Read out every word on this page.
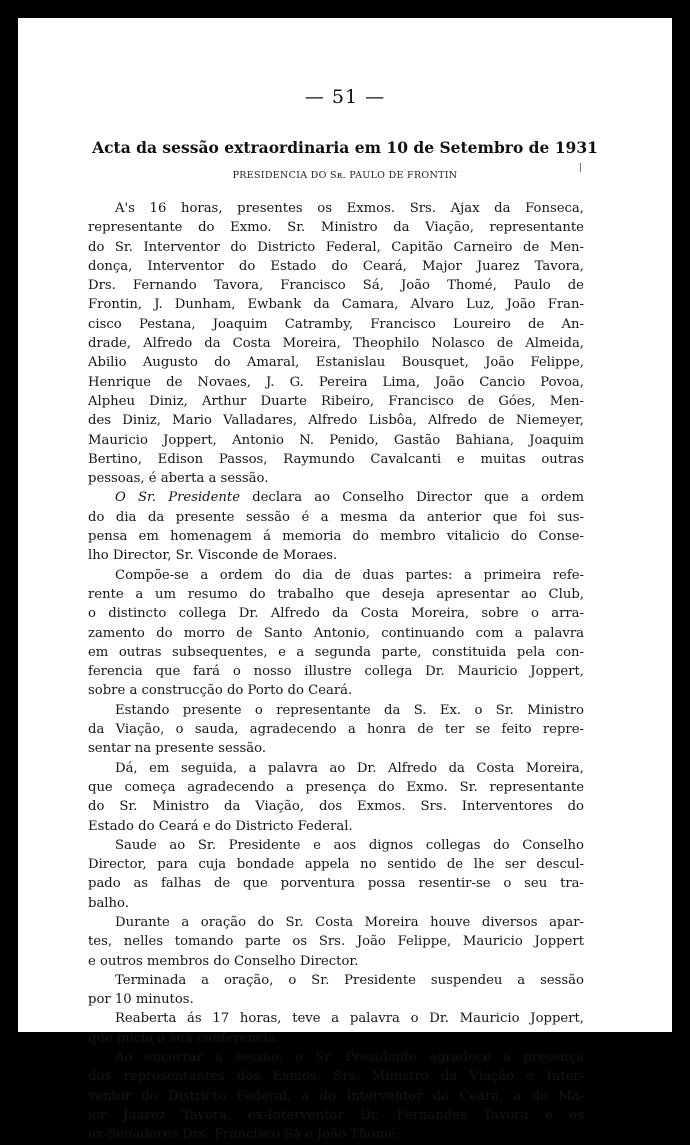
— 51 —
Acta da sessão extraordinaria em 10 de Setembro de 1931
PRESIDENCIA DO Sʀ. PAULO DE FRONTIN
A's 16 horas, presentes os Exmos. Srs. Ajax da Fonseca,
representante do Exmo. Sr. Ministro da Viação, representante
do Sr. Interventor do Districto Federal, Capitão Carneiro de Men-
donça, Interventor do Estado do Ceará, Major Juarez Tavora,
Drs. Fernando Tavora, Francisco Sá, João Thomé, Paulo de
Frontin, J. Dunham, Ewbank da Camara, Alvaro Luz, João Fran-
cisco Pestana, Joaquim Catramby, Francisco Loureiro de An-
drade, Alfredo da Costa Moreira, Theophilo Nolasco de Almeida,
Abilio Augusto do Amaral, Estanislau Bousquet, João Felippe,
Henrique de Novaes, J. G. Pereira Lima, João Cancio Povoa,
Alpheu Diniz, Arthur Duarte Ribeiro, Francisco de Góes, Men-
des Diniz, Mario Valladares, Alfredo Lisbôa, Alfredo de Niemeyer,
Mauricio Joppert, Antonio N. Penido, Gastão Bahiana, Joaquim
Bertino, Edison Passos, Raymundo Cavalcanti e muitas outras
pessoas, é aberta a sessão.
O Sr. Presidente declara ao Conselho Director que a ordem
do dia da presente sessão é a mesma da anterior que foi sus-
pensa em homenagem á memoria do membro vitalicio do Conse-
lho Director, Sr. Visconde de Moraes.
Compõe-se a ordem do dia de duas partes: a primeira refe-
rente a um resumo do trabalho que deseja apresentar ao Club,
o distincto collega Dr. Alfredo da Costa Moreira, sobre o arra-
zamento do morro de Santo Antonio, continuando com a palavra
em outras subsequentes, e a segunda parte, constituida pela con-
ferencia que fará o nosso illustre collega Dr. Mauricio Joppert,
sobre a construcção do Porto do Ceará.
Estando presente o representante da S. Ex. o Sr. Ministro
da Viação, o sauda, agradecendo a honra de ter se feito repre-
sentar na presente sessão.
Dá, em seguida, a palavra ao Dr. Alfredo da Costa Moreira,
que começa agradecendo a presença do Exmo. Sr. representante
do Sr. Ministro da Viação, dos Exmos. Srs. Interventores do
Estado do Ceará e do Districto Federal.
Saude ao Sr. Presidente e aos dignos collegas do Conselho
Director, para cuja bondade appela no sentido de lhe ser descul-
pado as falhas de que porventura possa resentir-se o seu tra-
balho.
Durante a oração do Sr. Costa Moreira houve diversos apar-
tes, nelles tomando parte os Srs. João Felippe, Mauricio Joppert
e outros membros do Conselho Director.
Terminada a oração, o Sr. Presidente suspendeu a sessão
por 10 minutos.
Reaberta ás 17 horas, teve a palavra o Dr. Mauricio Joppert,
que inicia a sua conferencia.
Ao encerrar a sessão, o Sr. Presidente agradece a presença
dos representantes dos Exmos. Srs. Ministro da Viação e Inter-
ventor do Districto Federal, a do Interventor do Ceará, a do Ma-
jor Juarez Tavora, ex-Interventor Dr. Fernandes Tavora e os
ex-Senadores Drs. Francisco Sá e João Thomé.
